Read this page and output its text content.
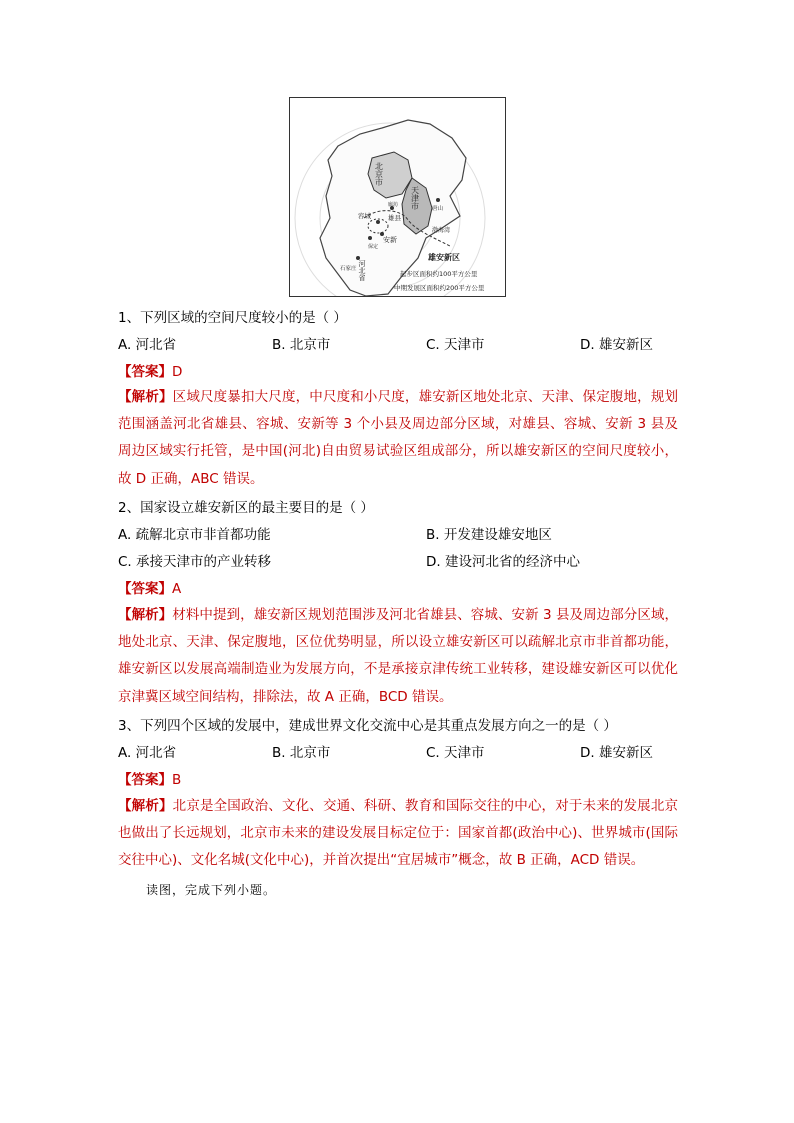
北京市
天津市
廊坊
容城	雄县
安新
保定
唐山
渤海湾
石家庄 河北省
雄安新区
起步区面积约100平方公里
中期发展区面积约200平方公里
1、下列区域的空间尺度较小的是（ ）
A. 河北省	B. 北京市	C. 天津市	D. 雄安新区
【答案】D
【解析】区域尺度暴扣大尺度，中尺度和小尺度，雄安新区地处北京、天津、保定腹地，规划范围涵盖河北省雄县、容城、安新等 3 个小县及周边部分区域，对雄县、容城、安新 3 县及周边区域实行托管，是中国(河北)自由贸易试验区组成部分，所以雄安新区的空间尺度较小，故 D 正确，ABC 错误。
2、国家设立雄安新区的最主要目的是（ ）
A. 疏解北京市非首都功能	B. 开发建设雄安地区
C. 承接天津市的产业转移	D. 建设河北省的经济中心
【答案】A
【解析】材料中提到，雄安新区规划范围涉及河北省雄县、容城、安新 3 县及周边部分区域，地处北京、天津、保定腹地，区位优势明显，所以设立雄安新区可以疏解北京市非首都功能，雄安新区以发展高端制造业为发展方向，不是承接京津传统工业转移，建设雄安新区可以优化京津冀区域空间结构，排除法，故 A 正确，BCD 错误。
3、下列四个区域的发展中，建成世界文化交流中心是其重点发展方向之一的是（ ）
A. 河北省	B. 北京市	C. 天津市	D. 雄安新区
【答案】B
【解析】北京是全国政治、文化、交通、科研、教育和国际交往的中心，对于未来的发展北京也做出了长远规划，北京市未来的建设发展目标定位于：国家首都(政治中心)、世界城市(国际交往中心)、文化名城(文化中心)，并首次提出“宜居城市”概念，故 B 正确，ACD 错误。
读图，完成下列小题。
